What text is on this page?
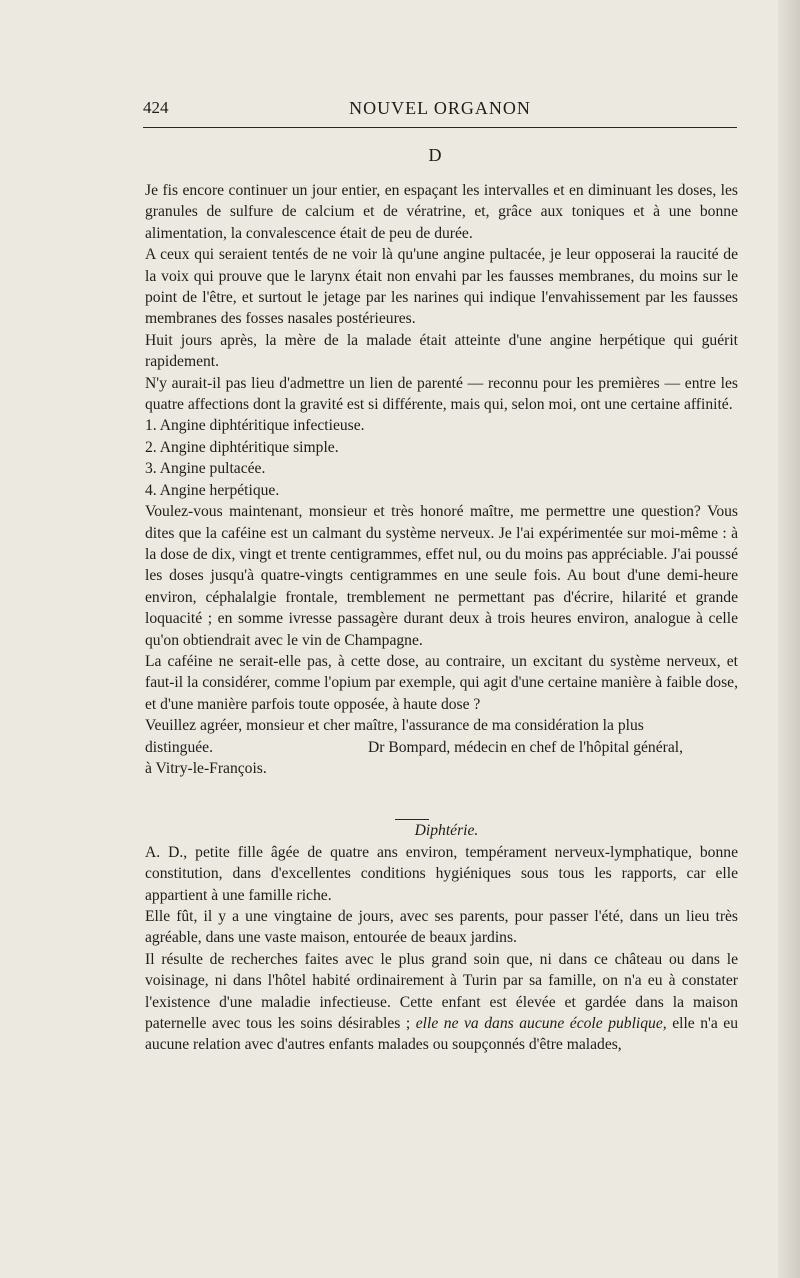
424	NOUVEL ORGANON
D

Je fis encore continuer un jour entier, en espaçant les intervalles et en diminuant les doses, les granules de sulfure de calcium et de vératrine, et, grâce aux toniques et à une bonne alimentation, la convalescence était de peu de durée.

A ceux qui seraient tentés de ne voir là qu'une angine pultacée, je leur opposerai la raucité de la voix qui prouve que le larynx était non envahi par les fausses membranes, du moins sur le point de l'être, et surtout le jetage par les narines qui indique l'envahissement par les fausses membranes des fosses nasales postérieures.

Huit jours après, la mère de la malade était atteinte d'une angine herpétique qui guérit rapidement.

N'y aurait-il pas lieu d'admettre un lien de parenté — reconnu pour les premières — entre les quatre affections dont la gravité est si différente, mais qui, selon moi, ont une certaine affinité.

1. Angine diphtéritique infectieuse.

2. Angine diphtéritique simple.

3. Angine pultacée.

4. Angine herpétique.

Voulez-vous maintenant, monsieur et très honoré maître, me permettre une question? Vous dites que la caféine est un calmant du système nerveux. Je l'ai expérimentée sur moi-même : à la dose de dix, vingt et trente centigrammes, effet nul, ou du moins pas appréciable. J'ai poussé les doses jusqu'à quatre-vingts centigrammes en une seule fois. Au bout d'une demi-heure environ, céphalalgie frontale, tremblement ne permettant pas d'écrire, hilarité et grande loquacité ; en somme ivresse passagère durant deux à trois heures environ, analogue à celle qu'on obtiendrait avec le vin de Champagne.

La caféine ne serait-elle pas, à cette dose, au contraire, un excitant du système nerveux, et faut-il la considérer, comme l'opium par exemple, qui agit d'une certaine manière à faible dose, et d'une manière parfois toute opposée, à haute dose ?

Veuillez agréer, monsieur et cher maître, l'assurance de ma considération la plus

distinguée.	Dr Bompard, médecin en chef de l'hôpital général,

à Vitry-le-François.

Diphtérie.

A. D., petite fille âgée de quatre ans environ, tempérament nerveux-lymphatique, bonne constitution, dans d'excellentes conditions hygiéniques sous tous les rapports, car elle appartient à une famille riche.

Elle fût, il y a une vingtaine de jours, avec ses parents, pour passer l'été, dans un lieu très agréable, dans une vaste maison, entourée de beaux jardins.

Il résulte de recherches faites avec le plus grand soin que, ni dans ce château ou dans le voisinage, ni dans l'hôtel habité ordinairement à Turin par sa famille, on n'a eu à constater l'existence d'une maladie infectieuse. Cette enfant est élevée et gardée dans la maison paternelle avec tous les soins désirables ; elle ne va dans aucune école publique, elle n'a eu aucune relation avec d'autres enfants malades ou soupçonnés d'être malades,
